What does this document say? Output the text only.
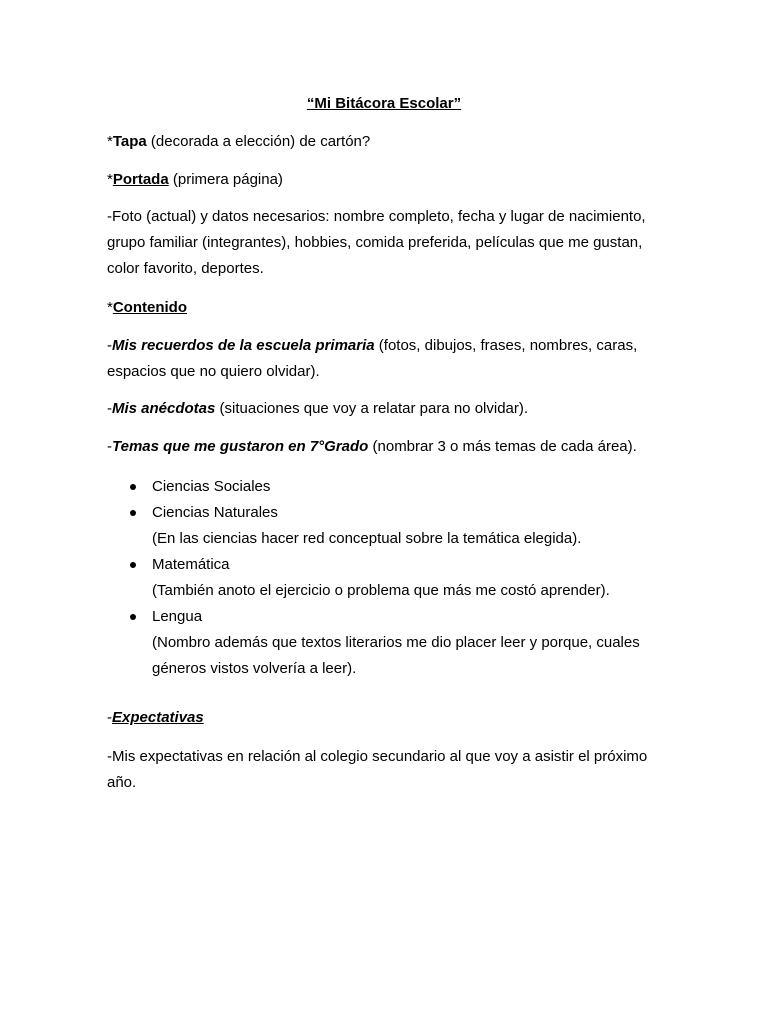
“Mi Bitácora Escolar”

*Tapa (decorada a elección) de cartón?

*Portada (primera página)

-Foto (actual) y datos necesarios: nombre completo, fecha y lugar de nacimiento, grupo familiar (integrantes), hobbies, comida preferida, películas que me gustan, color favorito, deportes.

*Contenido

-Mis recuerdos de la escuela primaria (fotos, dibujos, frases, nombres, caras, espacios que no quiero olvidar).

-Mis anécdotas (situaciones que voy a relatar para no olvidar).

-Temas que me gustaron en 7°Grado (nombrar 3 o más temas de cada área).

Ciencias Sociales
Ciencias Naturales
(En las ciencias hacer red conceptual sobre la temática elegida).
Matemática
(También anoto el ejercicio o problema que más me costó aprender).
Lengua
(Nombro además que textos literarios me dio placer leer y porque, cuales géneros vistos volvería a leer).

-Expectativas

-Mis expectativas en relación al colegio secundario al que voy a asistir el próximo año.
